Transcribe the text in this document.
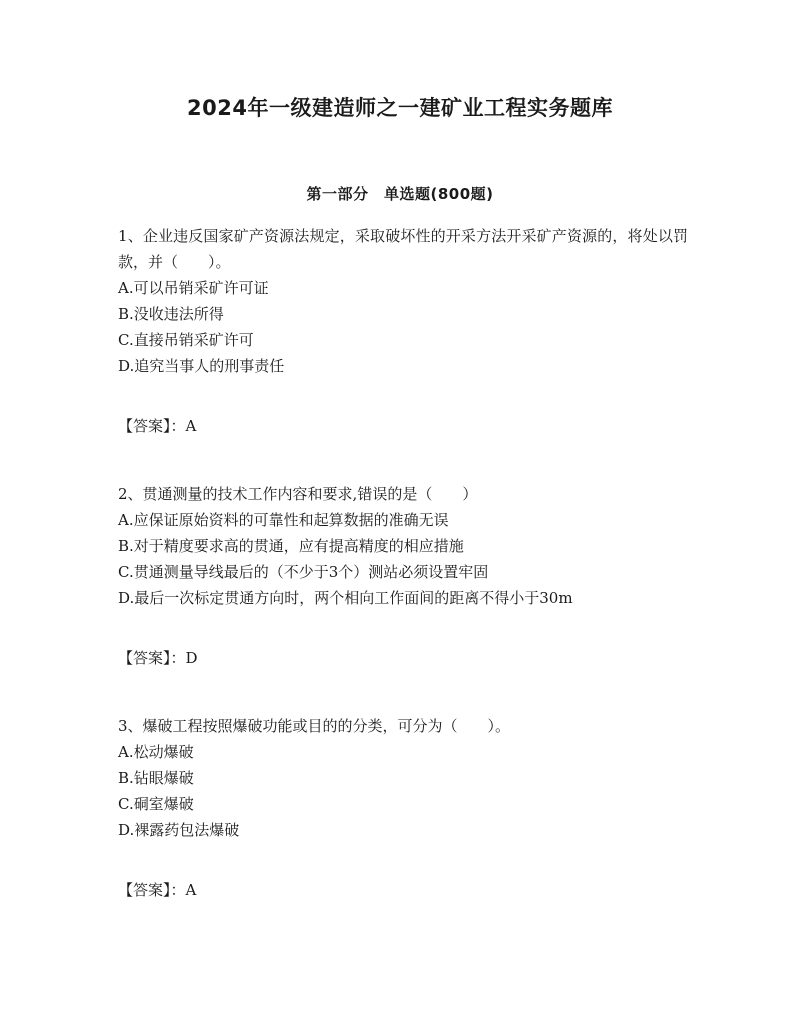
2024年一级建造师之一建矿业工程实务题库
第一部分　单选题(800题)
1、企业违反国家矿产资源法规定，采取破坏性的开采方法开采矿产资源的，将处以罚款，并（　　）。
A.可以吊销采矿许可证
B.没收违法所得
C.直接吊销采矿许可
D.追究当事人的刑事责任
【答案】：A
2、贯通测量的技术工作内容和要求,错误的是（　　）
A.应保证原始资料的可靠性和起算数据的准确无误
B.对于精度要求高的贯通，应有提高精度的相应措施
C.贯通测量导线最后的（不少于3个）测站必须设置牢固
D.最后一次标定贯通方向时，两个相向工作面间的距离不得小于30m
【答案】：D
3、爆破工程按照爆破功能或目的的分类，可分为（　　）。
A.松动爆破
B.钻眼爆破
C.硐室爆破
D.裸露药包法爆破
【答案】：A
